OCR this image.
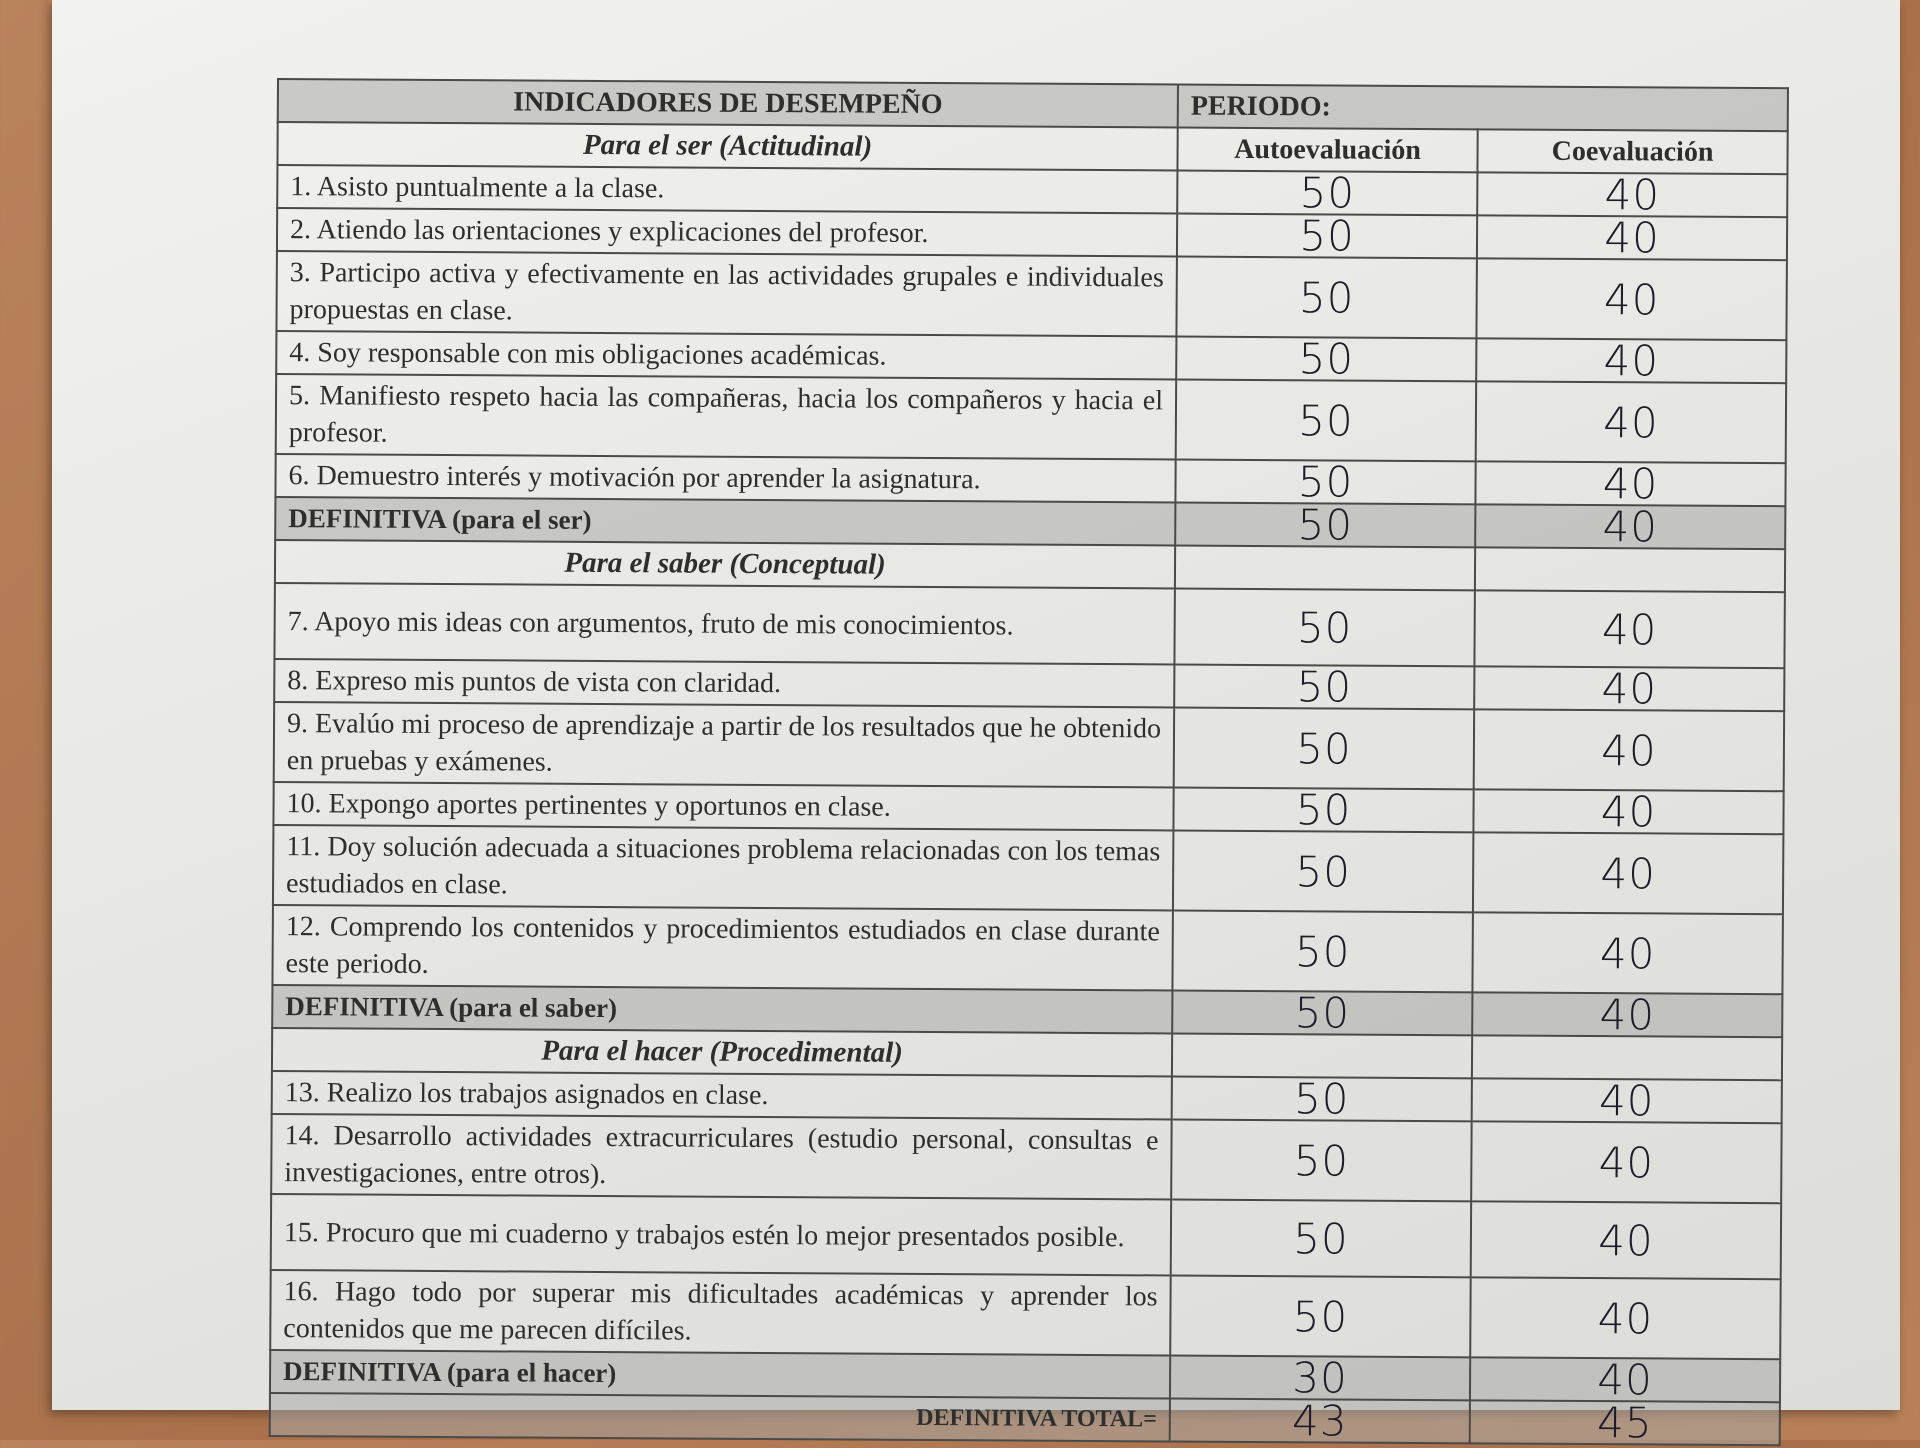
INDICADORES DE DESEMPEÑO	PERIODO:	
Para el ser (Actitudinal)	Autoevaluación	Coevaluación
1. Asisto puntualmente a la clase.	50	40
2. Atiendo las orientaciones y explicaciones del profesor.	50	40
3. Participo activa y efectivamente en las actividades grupales e individuales propuestas en clase.	50	40
4. Soy responsable con mis obligaciones académicas.	50	40
5. Manifiesto respeto hacia las compañeras, hacia los compañeros y hacia el profesor.	50	40
6. Demuestro interés y motivación por aprender la asignatura.	50	40
DEFINITIVA (para el ser)	50	40
Para el saber (Conceptual)		
7. Apoyo mis ideas con argumentos, fruto de mis conocimientos.	50	40
8. Expreso mis puntos de vista con claridad.	50	40
9. Evalúo mi proceso de aprendizaje a partir de los resultados que he obtenido en pruebas y exámenes.	50	40
10. Expongo aportes pertinentes y oportunos en clase.	50	40
11. Doy solución adecuada a situaciones problema relacionadas con los temas estudiados en clase.	50	40
12. Comprendo los contenidos y procedimientos estudiados en clase durante este periodo.	50	40
DEFINITIVA (para el saber)	50	40
Para el hacer (Procedimental)		
13. Realizo los trabajos asignados en clase.	50	40
14. Desarrollo actividades extracurriculares (estudio personal, consultas e investigaciones, entre otros).	50	40
15. Procuro que mi cuaderno y trabajos estén lo mejor presentados posible.	50	40
16. Hago todo por superar mis dificultades académicas y aprender los contenidos que me parecen difíciles.	50	40
DEFINITIVA (para el hacer)	30	40
DEFINITIVA TOTAL=	43	45
